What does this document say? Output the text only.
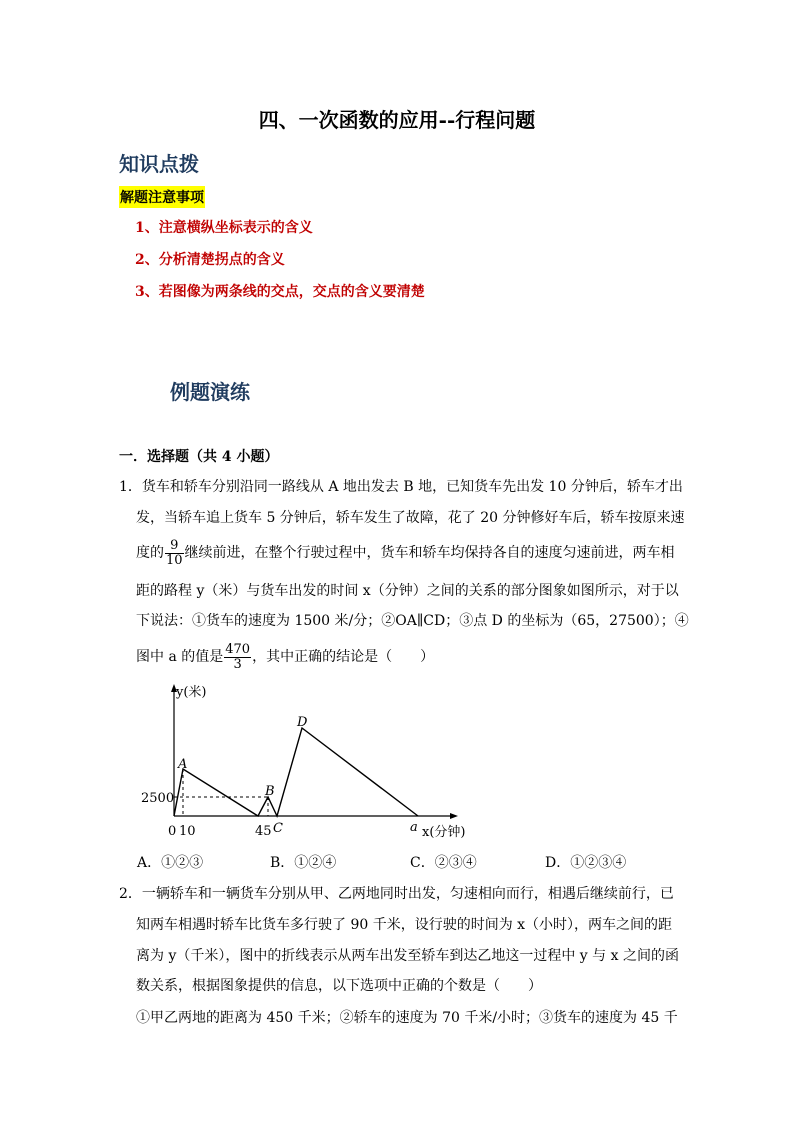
四、一次函数的应用--行程问题
知识点拨
解题注意事项
1、注意横纵坐标表示的含义
2、分析清楚拐点的含义
3、若图像为两条线的交点，交点的含义要清楚
例题演练
一．选择题（共 4 小题）
1．货车和轿车分别沿同一路线从 A 地出发去 B 地，已知货车先出发 10 分钟后，轿车才出
发，当轿车追上货车 5 分钟后，轿车发生了故障，花了 20 分钟修好车后，轿车按原来速
度的 $\frac{9}{10}$ 继续前进，在整个行驶过程中，货车和轿车均保持各自的速度匀速前进，两车相
距的路程 y（米）与货车出发的时间 x（分钟）之间的关系的部分图象如图所示，对于以
下说法：①货车的速度为 1500 米/分；②OA∥CD；③点 D 的坐标为（65，27500）；④
图中 a 的值是 $\frac{470}{3}$ ，其中正确的结论是（　　）
y(米)
x(分钟)
2500
0 10	45
A
B
C
D
a
A．①②③	B．①②④	C．②③④	D．①②③④
2．一辆轿车和一辆货车分别从甲、乙两地同时出发，匀速相向而行，相遇后继续前行，已
知两车相遇时轿车比货车多行驶了 90 千米，设行驶的时间为 x（小时），两车之间的距
离为 y（千米），图中的折线表示从两车出发至轿车到达乙地这一过程中 y 与 x 之间的函
数关系，根据图象提供的信息，以下选项中正确的个数是（　　）
①甲乙两地的距离为 450 千米；②轿车的速度为 70 千米/小时；③货车的速度为 45 千
